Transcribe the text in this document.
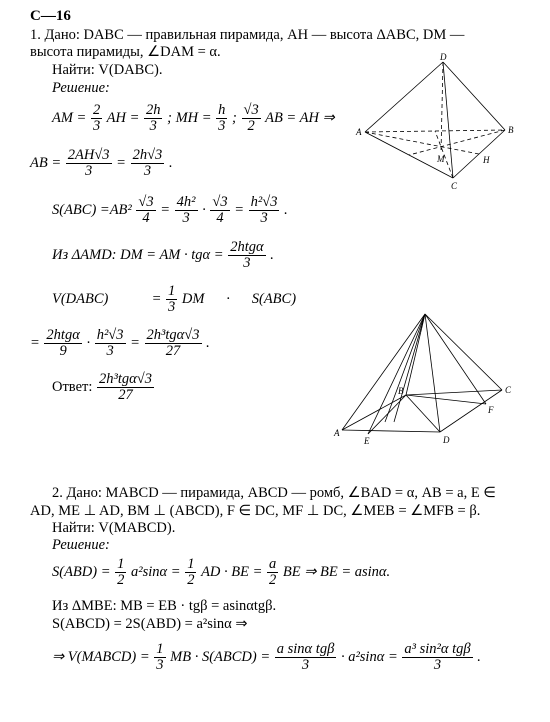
С—16
1. Дано: DABC — правильная пирамида, AH — высота ΔABC, DM —
высота пирамиды, ∠DAM = α.
Найти: V(DABC).
Решение:
AM = $\frac{2}{3}$ AH = $\frac{2h}{3}$ ; MH = $\frac{h}{3}$ ; $\frac{√3}{2}$ AB = AH ⇒
AB = $\frac{2AH√3}{3} = \frac{2h√3}{3}$ .
$S(ABC) =AB^2 \frac{√3}{4} = \frac{\text{4h²}}{3} \cdot \frac{√3}{4} = \frac{\text{h²√3}}{3}$ .
Из ΔAMD: DM = AM · $tg\alpha = \frac{\text{2htgα}}{3}$ .
V(DABC)	= $\frac{1}{3}$ DM · S(ABC)
= $\frac{\text{2htgα}}{9} \cdot \frac{\text{h²√3}}{3} = \frac{\text{2h³tgα√3}}{27}$ .
Ответ: $\frac{\text{2h³tgα√3}}{27}$
D
A	B
M	H
C
B	C
F
A
E	D
2. Дано: MABCD — пирамида, ABCD — ромб, ∠BAD = α, AB = a, E ∈
AD, ME ⊥ AD, BM ⊥ (ABCD), F ∈ DC, MF ⊥ DC, ∠MEB = ∠MFB = β.
Найти: V(MABCD).
Решение:
$S(ABD) = \frac{1}{2} a^2\sin\alpha = \frac{1}{2}$ AD · BE = $\frac{a}{2}$ BE ⇒ BE = asinα.
Из ΔMBE: MB = EB · tgβ = asinαtgβ.
S(ABCD) = 2S(ABD) = a²sinα ⇒
⇒ V(MABCD) = $\frac{1}{3}$ MB · S(ABCD) = $\frac{\text{a sinα tgβ}}{3} \cdot a^2\sin\alpha = \frac{\text{a³ sin²α tgβ}}{3}$ .
